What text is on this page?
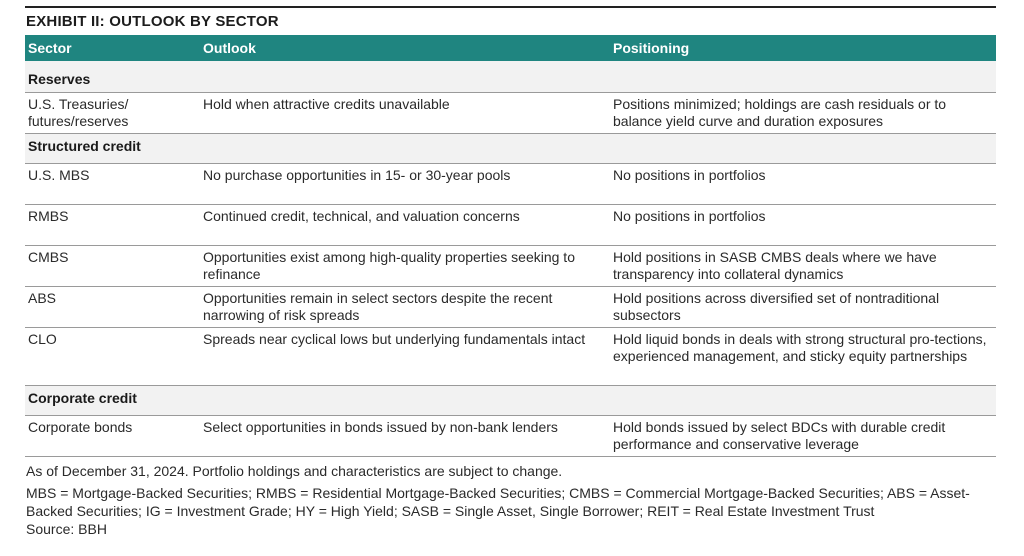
EXHIBIT II: OUTLOOK BY SECTOR
Sector	Outlook	Positioning
Reserves		
U.S. Treasuries/ futures/reserves	Hold when attractive credits unavailable	Positions minimized; holdings are cash residuals or to balance yield curve and duration exposures
Structured credit		
U.S. MBS	No purchase opportunities in 15- or 30-year pools	No positions in portfolios
RMBS	Continued credit, technical, and valuation concerns	No positions in portfolios
CMBS	Opportunities exist among high-quality properties seeking to refinance	Hold positions in SASB CMBS deals where we have transparency into collateral dynamics
ABS	Opportunities remain in select sectors despite the recent narrowing of risk spreads	Hold positions across diversified set of nontraditional subsectors
CLO	Spreads near cyclical lows but underlying fundamentals intact	Hold liquid bonds in deals with strong structural pro-tections, experienced management, and sticky equity partnerships
Corporate credit		
Corporate bonds	Select opportunities in bonds issued by non-bank lenders	Hold bonds issued by select BDCs with durable credit performance and conservative leverage
As of December 31, 2024. Portfolio holdings and characteristics are subject to change.
MBS = Mortgage-Backed Securities; RMBS = Residential Mortgage-Backed Securities; CMBS = Commercial Mortgage-Backed Securities; ABS = Asset-Backed Securities; IG = Investment Grade; HY = High Yield; SASB = Single Asset, Single Borrower; REIT = Real Estate Investment Trust
Source: BBH
